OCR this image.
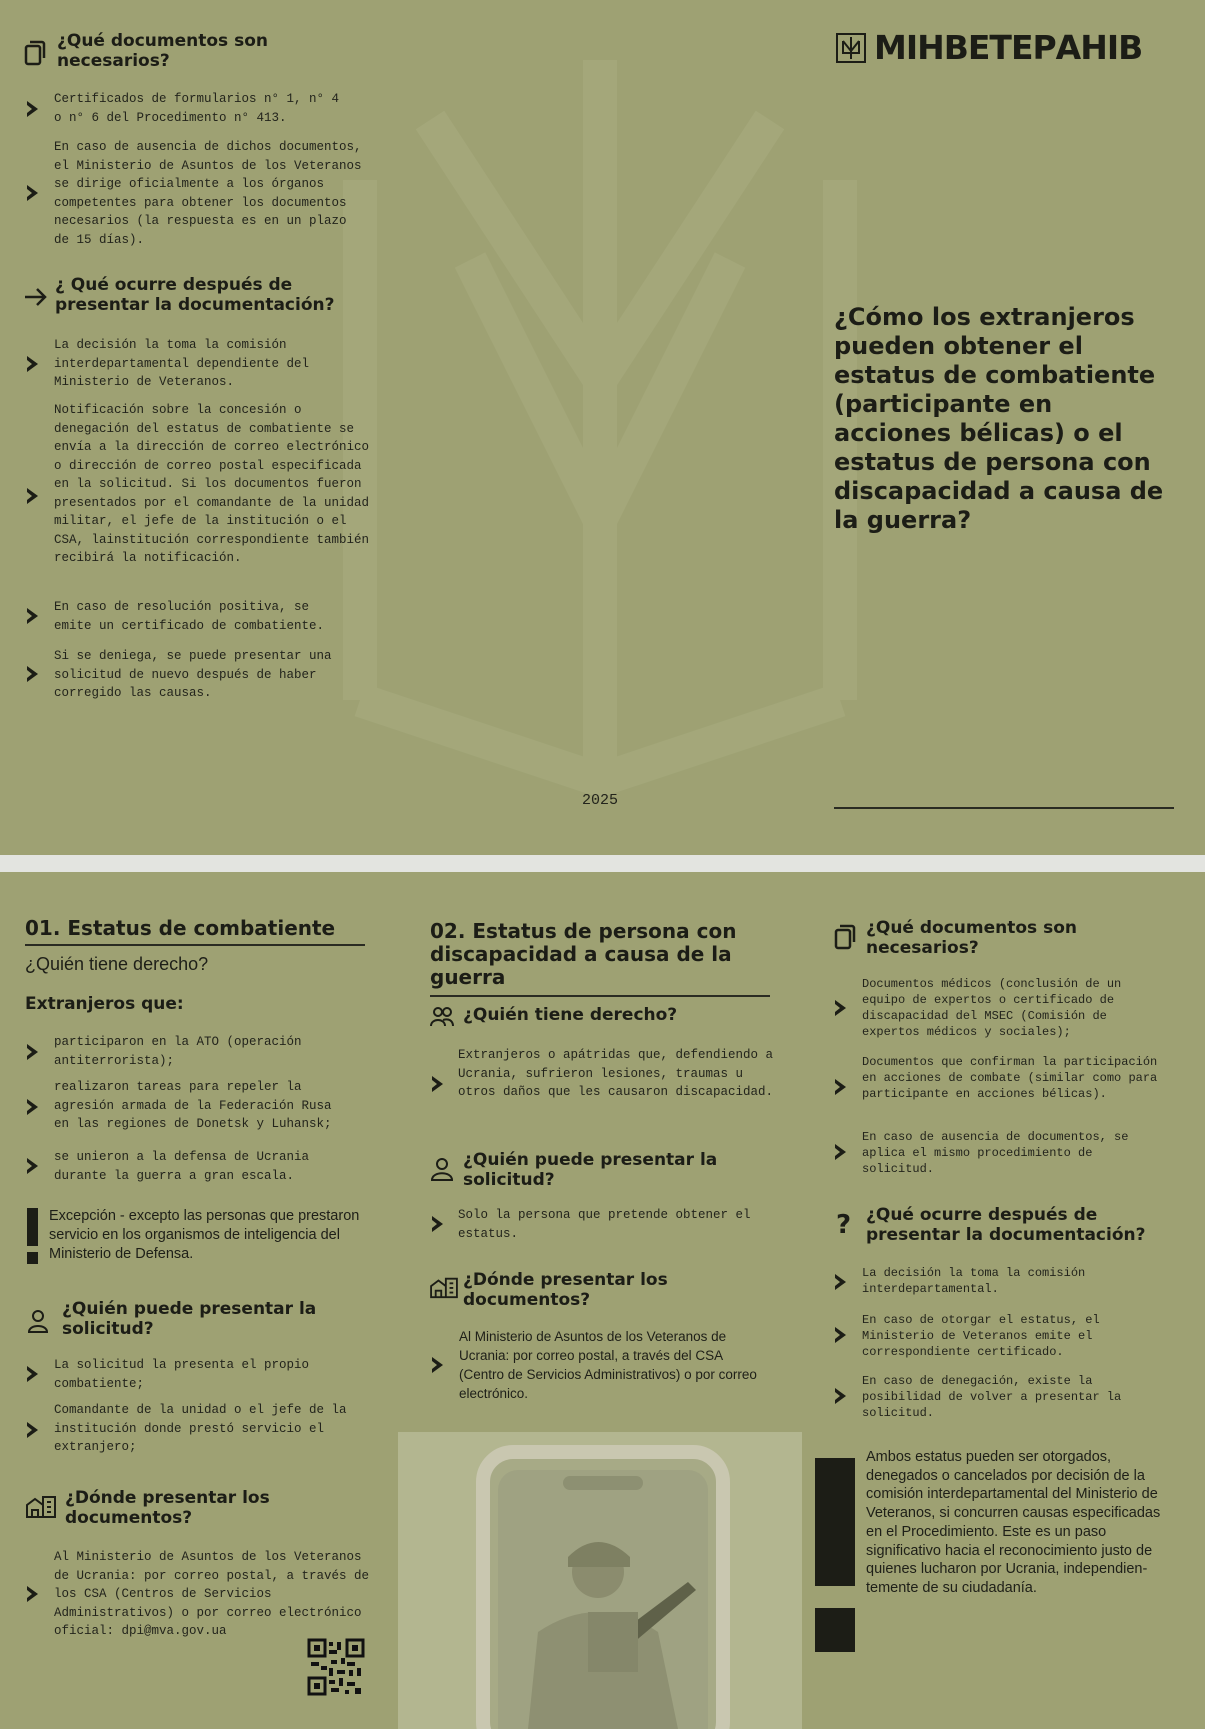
¿Qué documentos son necesarios?
Certificados de formularios n° 1, n° 4 o n° 6 del Procedimento n° 413.
En caso de ausencia de dichos documentos, el Ministerio de Asuntos de los Veteranos se dirige oficialmente a los órganos competentes para obtener los documentos necesarios (la respuesta es en un plazo de 15 días).
¿ Qué ocurre después de presentar la documentación?
La decisión la toma la comisión interdepartamental dependiente del Ministerio de Veteranos.
Notificación sobre la concesión o denegación del estatus de combatiente se envía a la dirección de correo electrónico o dirección de correo postal especificada en la solicitud. Si los documentos fueron presentados por el comandante de la unidad militar, el jefe de la institución o el CSA, lainstitución correspondiente también recibirá la notificación.
En caso de resolución positiva, se emite un certificado de combatiente.
Si se deniega, se puede presentar una solicitud de nuevo después de haber corregido las causas.
2025
МІНВЕТЕРАНІВ
¿Cómo los extranjeros pueden obtener el estatus de combatiente (participante en acciones bélicas) o el estatus de persona con discapacidad a causa de la guerra?
01. Estatus de combatiente
¿Quién tiene derecho?
Extranjeros que:
participaron en la ATO (operación antiterrorista);
realizaron tareas para repeler la agresión armada de la Federación Rusa en las regiones de Donetsk y Luhansk;
se unieron a la defensa de Ucrania durante la guerra a gran escala.
Excepción - excepto las personas que prestaron servicio en los organismos de inteligencia del Ministerio de Defensa.
¿Quién puede presentar la solicitud?
La solicitud la presenta el propio combatiente;
Comandante de la unidad o el jefe de la institución donde prestó servicio el extranjero;
¿Dónde presentar los documentos?
Al Ministerio de Asuntos de los Veteranos de Ucrania: por correo postal, a través de los CSA (Centros de Servicios Administrativos) o por correo electrónico oficial: dpi@mva.gov.ua
02. Estatus de persona con discapacidad a causa de la guerra
¿Quién tiene derecho?
Extranjeros o apátridas que, defendiendo a Ucrania, sufrieron lesiones, traumas u otros daños que les causaron discapacidad.
¿Quién puede presentar la solicitud?
Solo la persona que pretende obtener el estatus.
¿Dónde presentar los documentos?
Al Ministerio de Asuntos de los Veteranos de Ucrania: por correo postal, a través del CSA (Centro de Servicios Administrativos) o por correo electrónico.
¿Qué documentos son necesarios?
Documentos médicos (conclusión de un equipo de expertos o certificado de discapacidad del MSEC (Comisión de expertos médicos y sociales);
Documentos que confirman la participación en acciones de combate (similar como para participante en acciones bélicas).
En caso de ausencia de documentos, se aplica el mismo procedimiento de solicitud.
? ¿Qué ocurre después de presentar la documentación?
La decisión la toma la comisión interdepartamental.
En caso de otorgar el estatus, el Ministerio de Veteranos emite el correspondiente certificado.
En caso de denegación, existe la posibilidad de volver a presentar la solicitud.
Ambos estatus pueden ser otorgados, denegados o cancelados por decisión de la comisión interdepartamental del Ministerio de Veteranos, si concurren causas especificadas en el Procedimiento. Este es un paso significativo hacia el reconocimiento justo de quienes lucharon por Ucrania, independien-temente de su ciudadanía.
